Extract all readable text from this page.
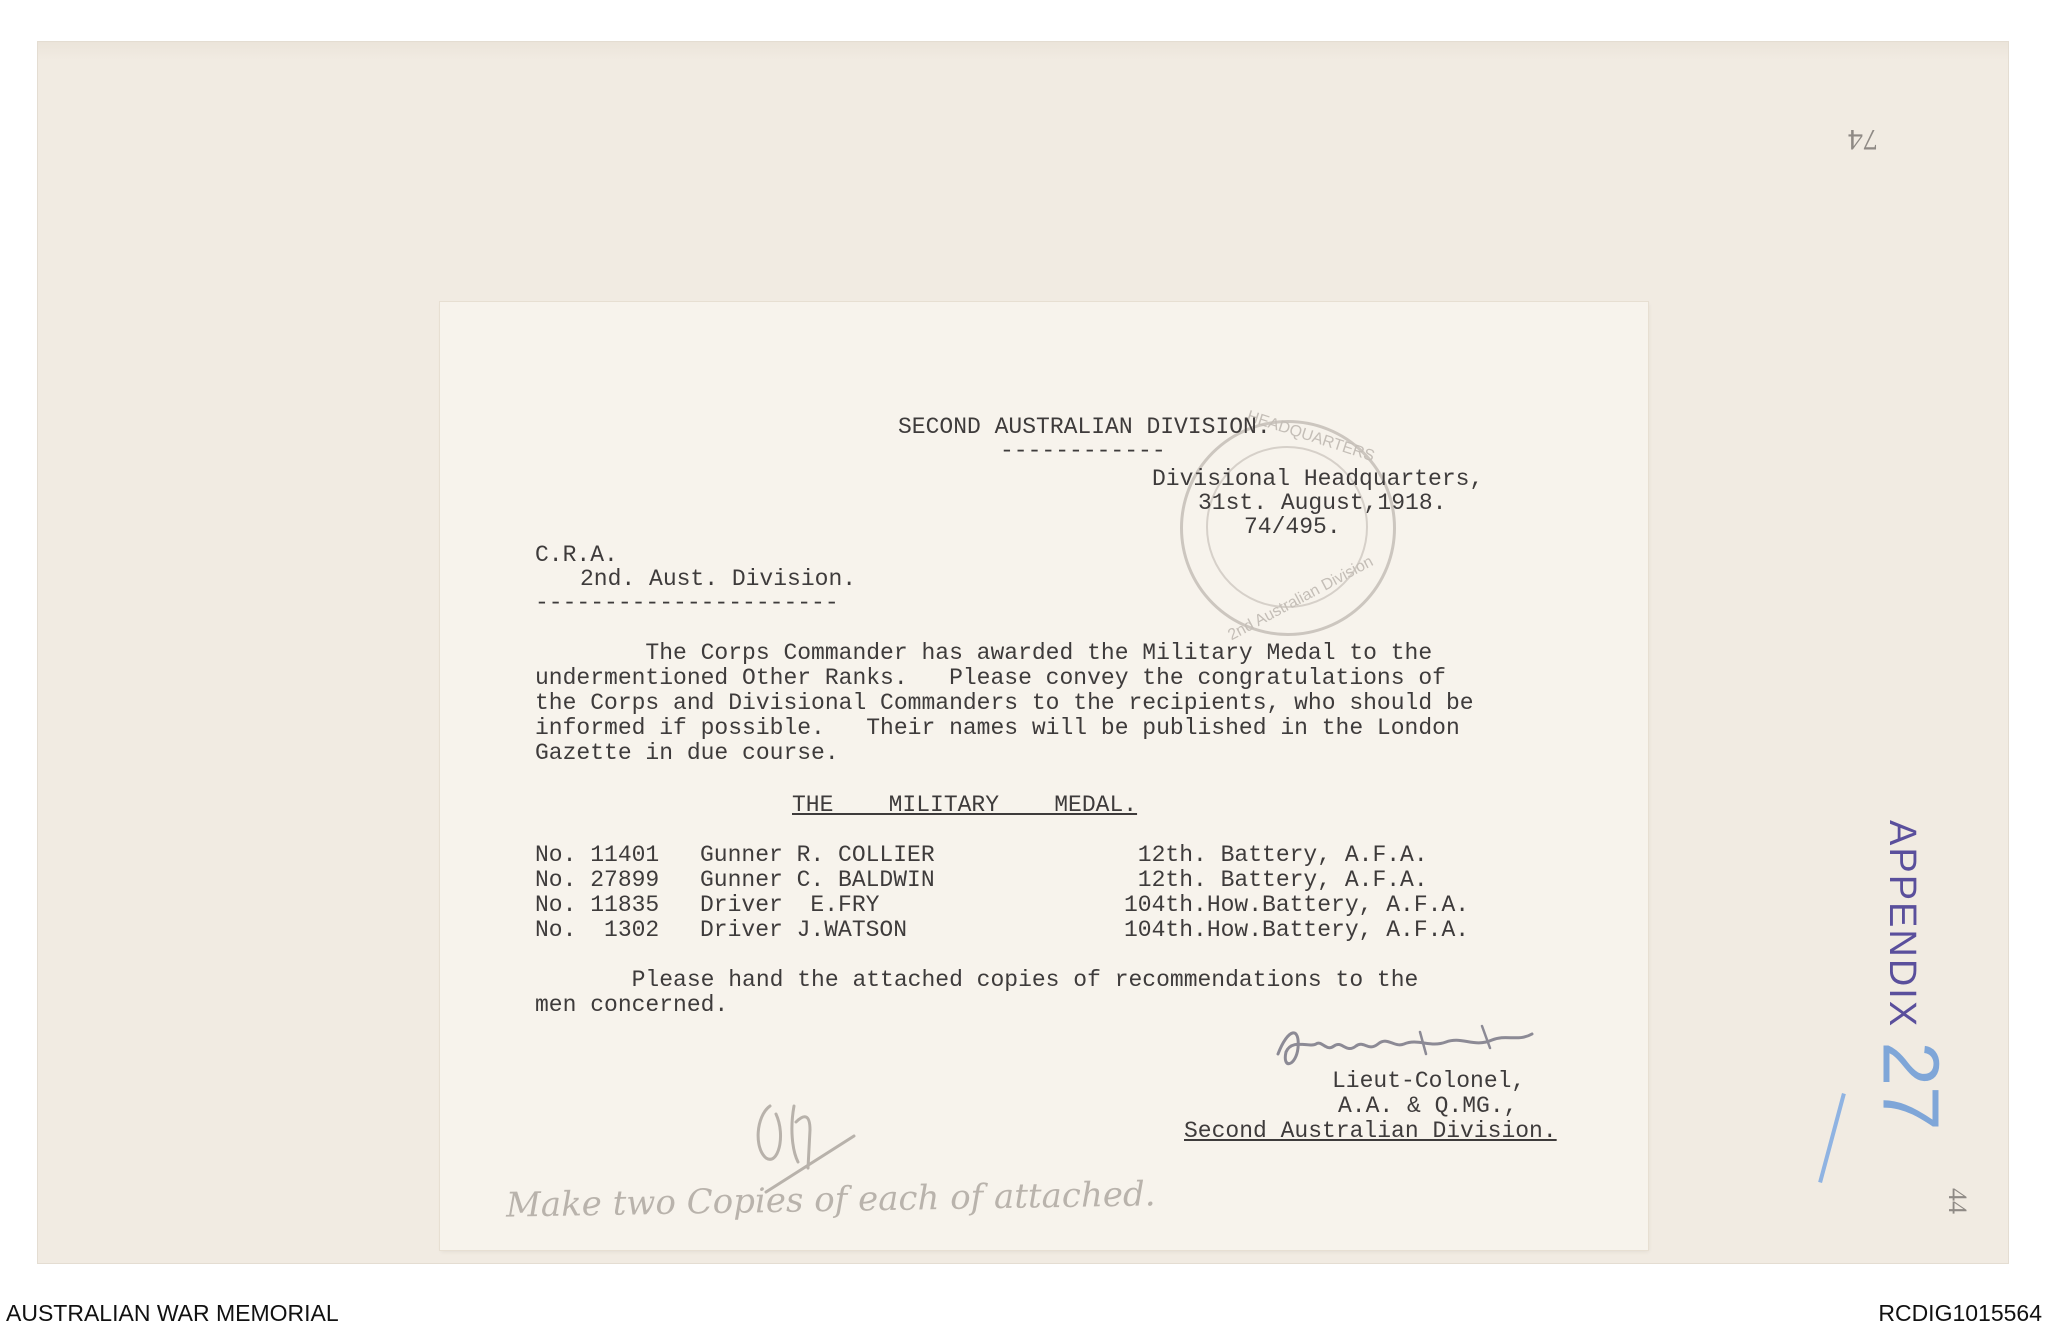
74
44
APPENDIX
27
HEADQUARTERS
2nd Australian Division
SECOND AUSTRALIAN DIVISION.
------------
Divisional Headquarters,
31st. August,1918.
74/495.
C.R.A.
2nd. Aust. Division.
----------------------
The Corps Commander has awarded the Military Medal to the
undermentioned Other Ranks.   Please convey the congratulations of
the Corps and Divisional Commanders to the recipients, who should be
informed if possible.   Their names will be published in the London
Gazette in due course.
THE    MILITARY    MEDAL.
No. 11401 Gunner R. COLLIER	12th. Battery, A.F.A.
No. 27899 Gunner C. BALDWIN	12th. Battery, A.F.A.
No. 11835 Driver  E.FRY	104th.How.Battery, A.F.A.
No.  1302 Driver J.WATSON	104th.How.Battery, A.F.A.
Please hand the attached copies of recommendations to the
men concerned.
Lieut-Colonel,
A.A. & Q.MG.,
Second Australian Division.
Make two Copies of each of attached.
AUSTRALIAN WAR MEMORIAL	RCDIG1015564
